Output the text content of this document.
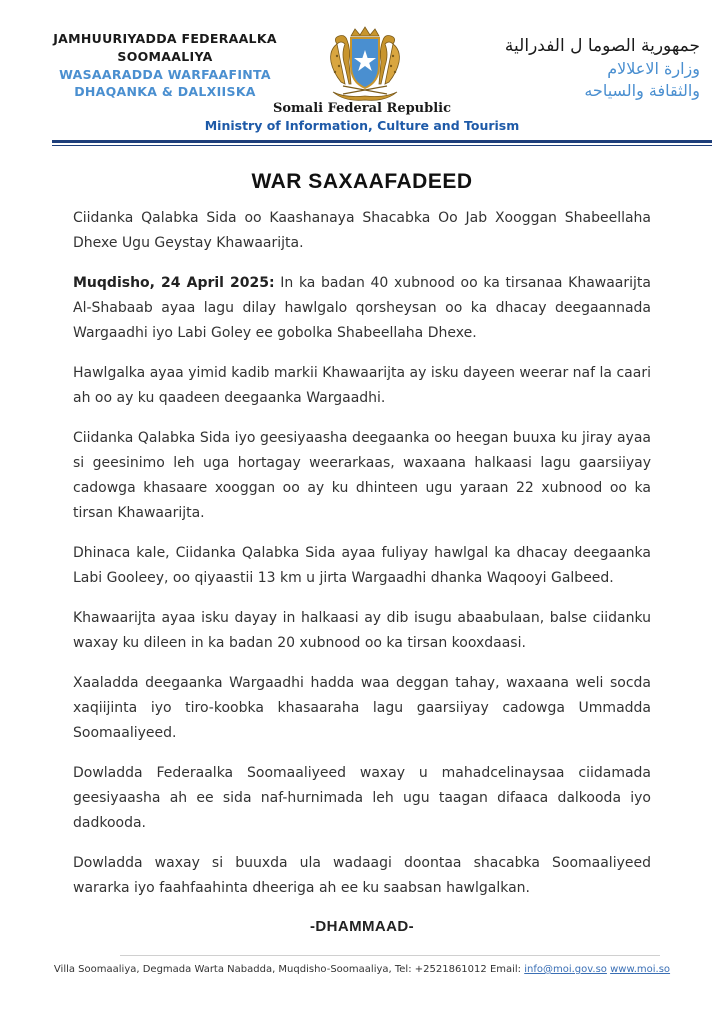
JAMHUURIYADDA FEDERAALKA
SOOMAALIYA
WASAARADDA WARFAAFINTA
DHAQANKA & DALXIISKA
Somali Federal Republic
Ministry of Information, Culture and Tourism
جمهورية الصوما ل الفدرالية
وزارة الاعلالام
والثقافة والسياحه
WAR SAXAAFADEED

Ciidanka Qalabka Sida oo Kaashanaya Shacabka Oo Jab Xooggan Shabeellaha Dhexe Ugu Geystay Khawaarijta.

Muqdisho, 24 April 2025: In ka badan 40 xubnood oo ka tirsanaa Khawaarijta Al-Shabaab ayaa lagu dilay hawlgalo qorsheysan oo ka dhacay deegaannada Wargaadhi iyo Labi Goley ee gobolka Shabeellaha Dhexe.

Hawlgalka ayaa yimid kadib markii Khawaarijta ay isku dayeen weerar naf la caari ah oo ay ku qaadeen deegaanka Wargaadhi.

Ciidanka Qalabka Sida iyo geesiyaasha deegaanka oo heegan buuxa ku jiray ayaa si geesinimo leh uga hortagay weerarkaas, waxaana halkaasi lagu gaarsiiyay cadowga khasaare xooggan oo ay ku dhinteen ugu yaraan 22 xubnood oo ka tirsan Khawaarijta.

Dhinaca kale, Ciidanka Qalabka Sida ayaa fuliyay hawlgal ka dhacay deegaanka Labi Gooleey, oo qiyaastii 13 km u jirta Wargaadhi dhanka Waqooyi Galbeed.

Khawaarijta ayaa isku dayay in halkaasi ay dib isugu abaabulaan, balse ciidanku waxay ku dileen in ka badan 20 xubnood oo ka tirsan kooxdaasi.

Xaaladda deegaanka Wargaadhi hadda waa deggan tahay, waxaana weli socda xaqiijinta iyo tiro-koobka khasaaraha lagu gaarsiiyay cadowga Ummadda Soomaaliyeed.

Dowladda Federaalka Soomaaliyeed waxay u mahadcelinaysaa ciidamada geesiyaasha ah ee sida naf-hurnimada leh ugu taagan difaaca dalkooda iyo dadkooda.

Dowladda waxay si buuxda ula wadaagi doontaa shacabka Soomaaliyeed wararka iyo faahfaahinta dheeriga ah ee ku saabsan hawlgalkan.

-DHAMMAAD-
Villa Soomaaliya, Degmada Warta Nabadda, Muqdisho-Soomaaliya, Tel: +2521861012 Email: info@moi.gov.so www.moi.so
